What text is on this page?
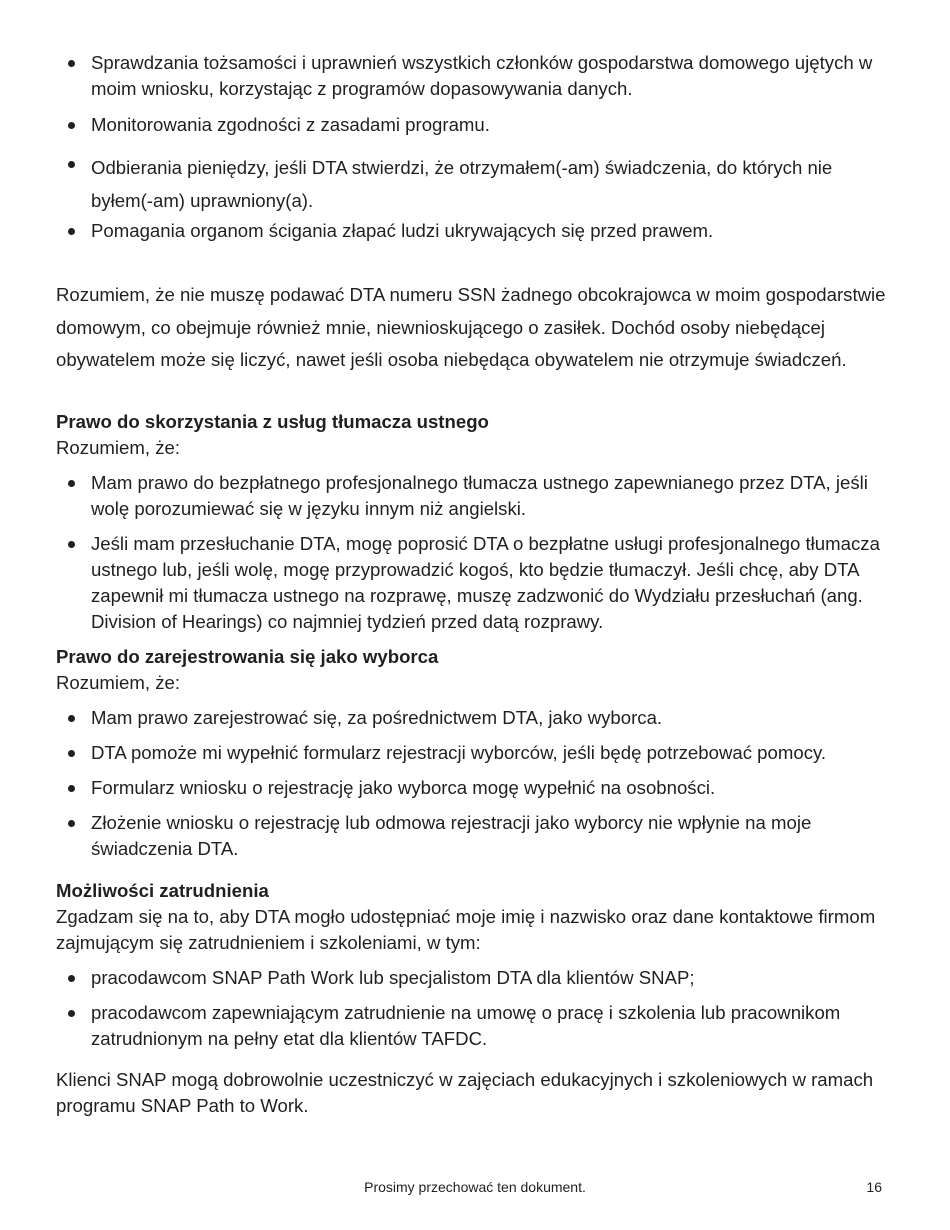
Sprawdzania tożsamości i uprawnień wszystkich członków gospodarstwa domowego ujętych w moim wniosku, korzystając z programów dopasowywania danych.
Monitorowania zgodności z zasadami programu.
Odbierania pieniędzy, jeśli DTA stwierdzi, że otrzymałem(-am) świadczenia, do których nie byłem(-am) uprawniony(a).
Pomagania organom ścigania złapać ludzi ukrywających się przed prawem.

Rozumiem, że nie muszę podawać DTA numeru SSN żadnego obcokrajowca w moim gospodarstwie domowym, co obejmuje również mnie, niewnioskującego o zasiłek. Dochód osoby niebędącej obywatelem może się liczyć, nawet jeśli osoba niebędąca obywatelem nie otrzymuje świadczeń.

Prawo do skorzystania z usług tłumacza ustnego

Rozumiem, że:

Mam prawo do bezpłatnego profesjonalnego tłumacza ustnego zapewnianego przez DTA, jeśli wolę porozumiewać się w języku innym niż angielski.
Jeśli mam przesłuchanie DTA, mogę poprosić DTA o bezpłatne usługi profesjonalnego tłumacza ustnego lub, jeśli wolę, mogę przyprowadzić kogoś, kto będzie tłumaczył. Jeśli chcę, aby DTA zapewnił mi tłumacza ustnego na rozprawę, muszę zadzwonić do Wydziału przesłuchań (ang. Division of Hearings) co najmniej tydzień przed datą rozprawy.

Prawo do zarejestrowania się jako wyborca

Rozumiem, że:

Mam prawo zarejestrować się, za pośrednictwem DTA, jako wyborca.
DTA pomoże mi wypełnić formularz rejestracji wyborców, jeśli będę potrzebować pomocy.
Formularz wniosku o rejestrację jako wyborca mogę wypełnić na osobności.
Złożenie wniosku o rejestrację lub odmowa rejestracji jako wyborcy nie wpłynie na moje świadczenia DTA.

Możliwości zatrudnienia

Zgadzam się na to, aby DTA mogło udostępniać moje imię i nazwisko oraz dane kontaktowe firmom zajmującym się zatrudnieniem i szkoleniami, w tym:

pracodawcom SNAP Path Work lub specjalistom DTA dla klientów SNAP;
pracodawcom zapewniającym zatrudnienie na umowę o pracę i szkolenia lub pracownikom zatrudnionym na pełny etat dla klientów TAFDC.

Klienci SNAP mogą dobrowolnie uczestniczyć w zajęciach edukacyjnych i szkoleniowych w ramach programu SNAP Path to Work.

Prosimy przechować ten dokument.	16
